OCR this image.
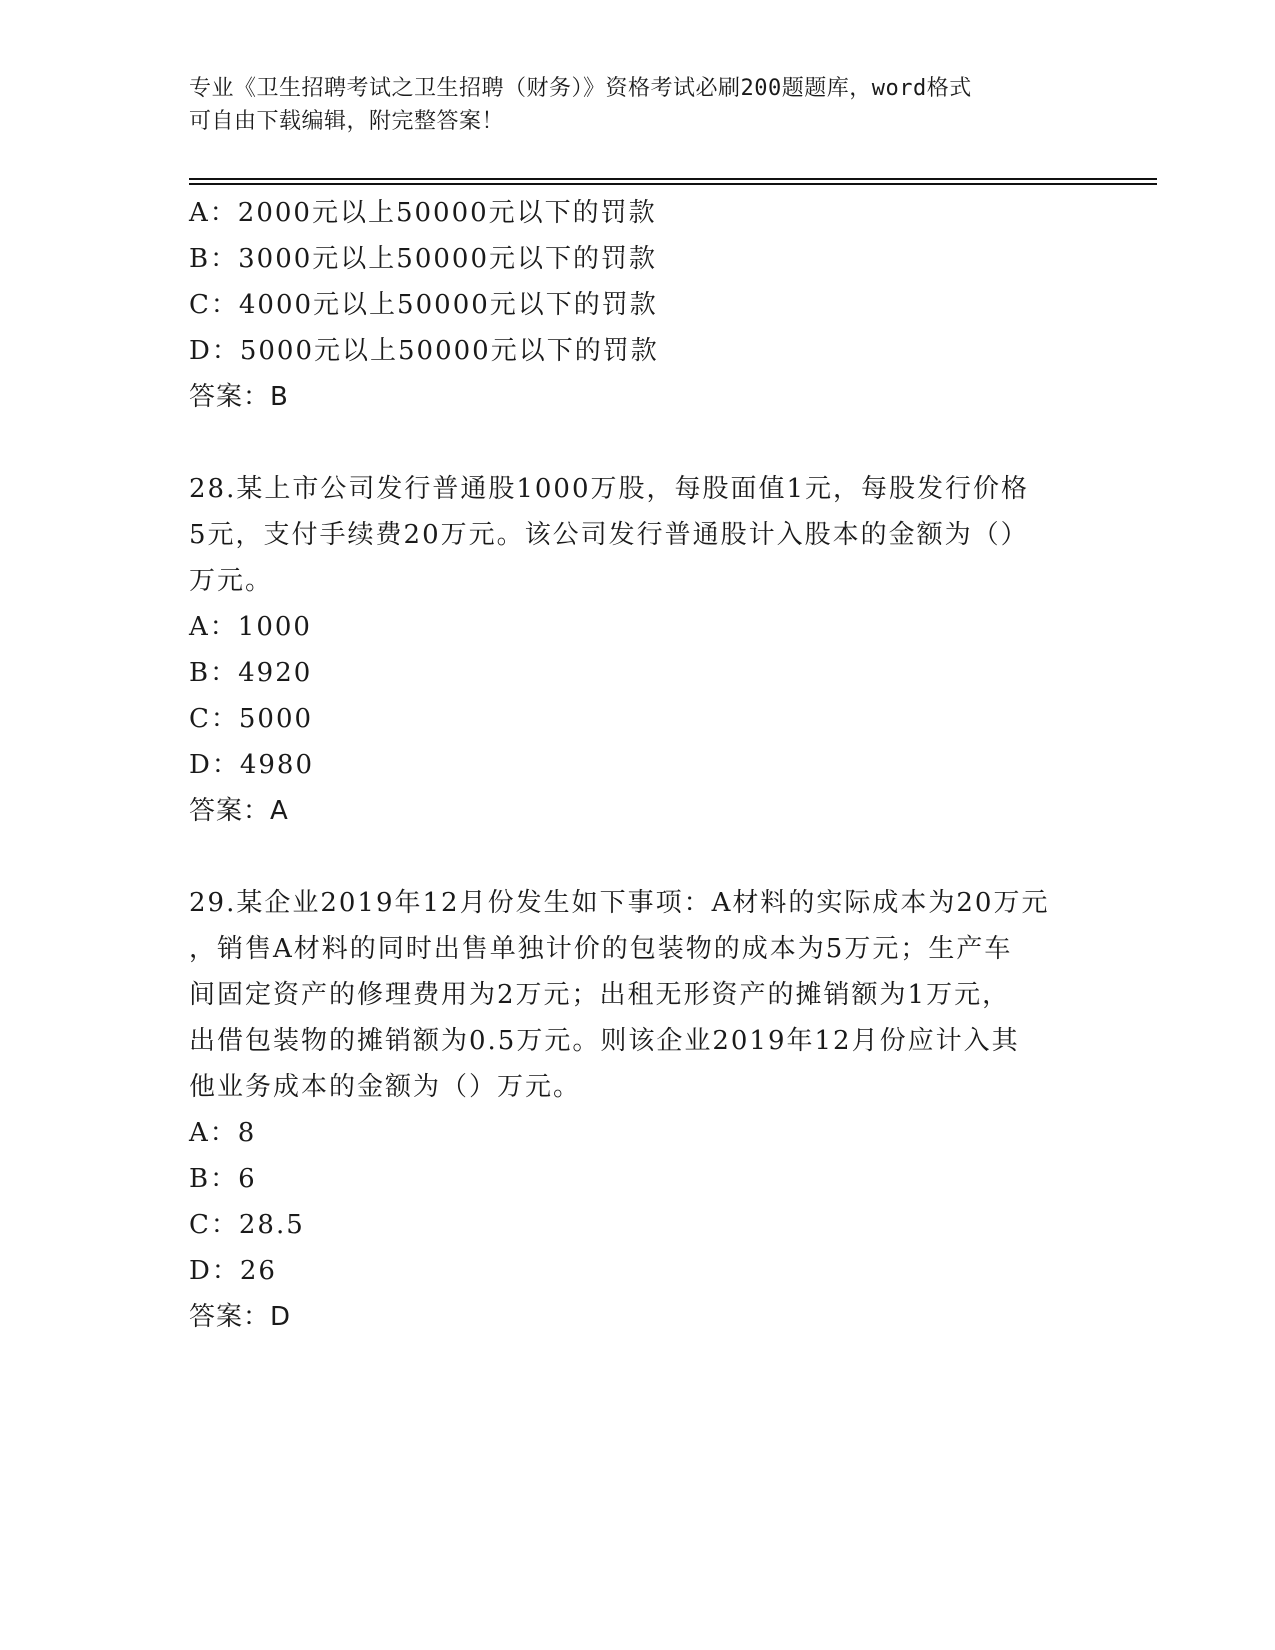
专业《卫生招聘考试之卫生招聘（财务）》资格考试必刷200题题库，word格式
可自由下载编辑，附完整答案！
A：2000元以上50000元以下的罚款
B：3000元以上50000元以下的罚款
C：4000元以上50000元以下的罚款
D：5000元以上50000元以下的罚款
答案：B
28.某上市公司发行普通股1000万股，每股面值1元，每股发行价格
5元，支付手续费20万元。该公司发行普通股计入股本的金额为（）
万元。
A：1000
B：4920
C：5000
D：4980
答案：A
29.某企业2019年12月份发生如下事项：A材料的实际成本为20万元
，销售A材料的同时出售单独计价的包装物的成本为5万元；生产车
间固定资产的修理费用为2万元；出租无形资产的摊销额为1万元，
出借包装物的摊销额为0.5万元。则该企业2019年12月份应计入其
他业务成本的金额为（）万元。
A：8
B：6
C：28.5
D：26
答案：D
